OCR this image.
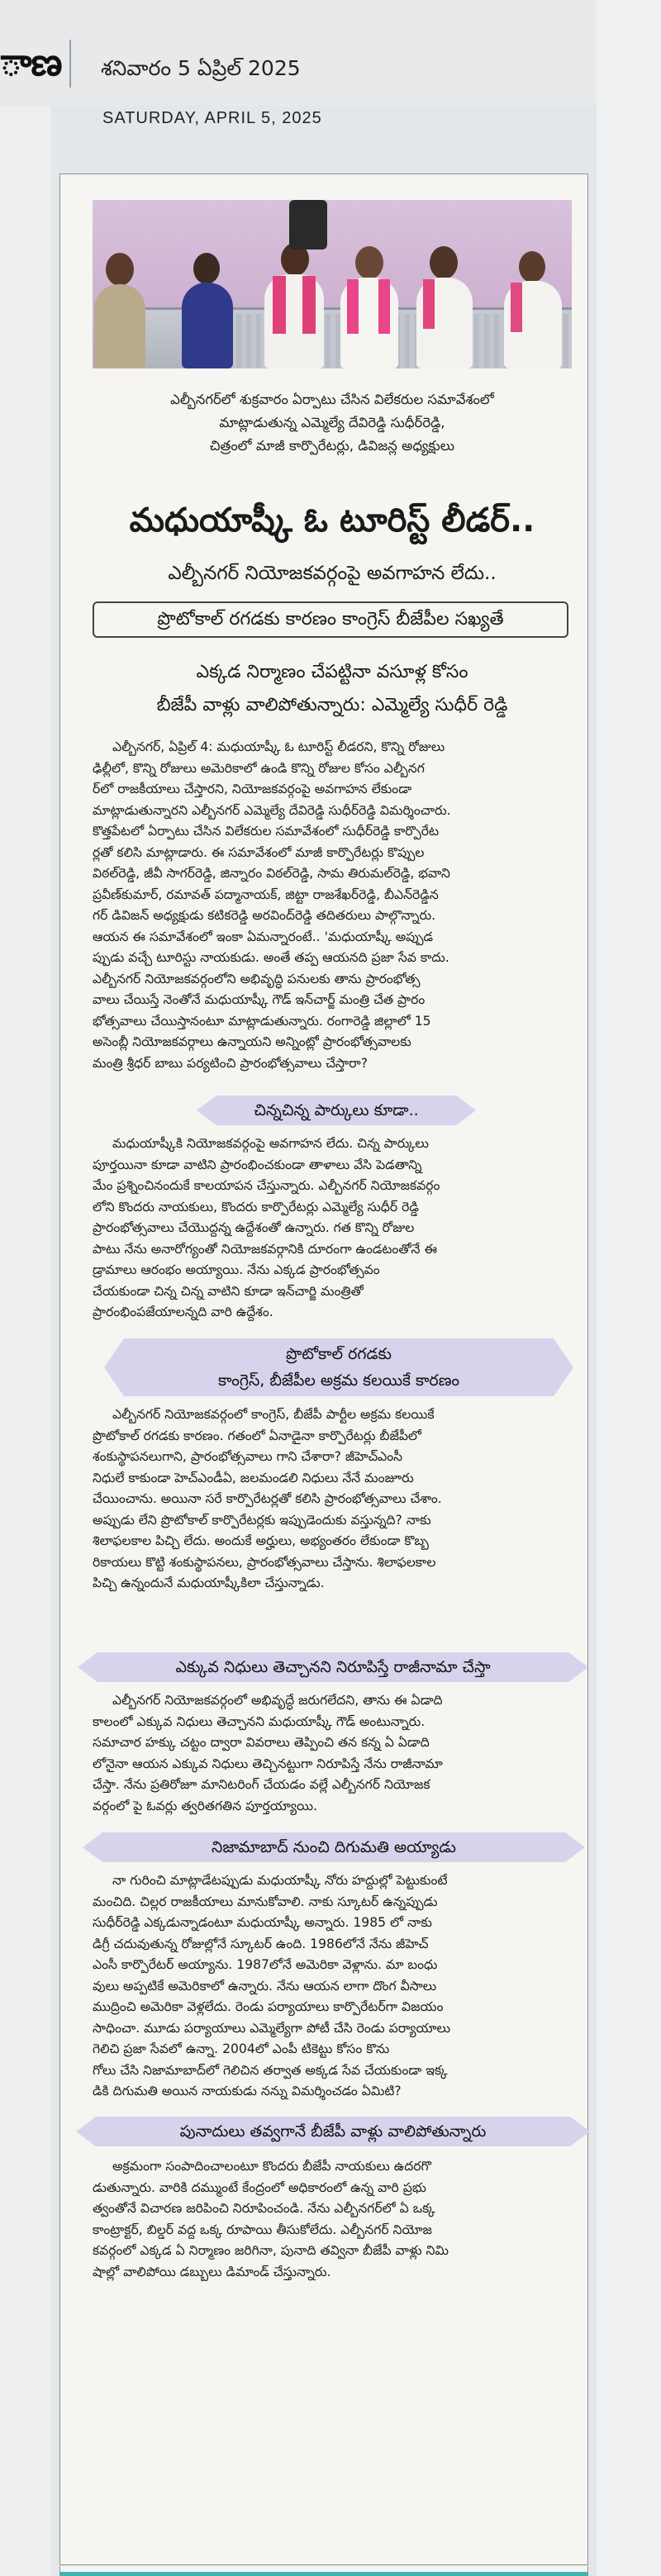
ాణ శనివారం 5 ఏప్రిల్ 2025
SATURDAY, APRIL 5, 2025
ఎల్బీనగర్‌లో శుక్రవారం ఏర్పాటు చేసిన విలేకరుల సమావేశంలో
మాట్లాడుతున్న ఎమ్మెల్యే దేవిరెడ్డి సుధీర్‌రెడ్డి,
చిత్రంలో మాజీ కార్పొరేటర్లు, డివిజన్ల అధ్యక్షులు
మధుయాష్కీ ఓ టూరిస్ట్ లీడర్..
ఎల్బీనగర్ నియోజకవర్గంపై అవగాహన లేదు..
ప్రొటోకాల్ రగడకు కారణం కాంగ్రెస్ బీజేపీల సఖ్యతే
ఎక్కడ నిర్మాణం చేపట్టినా వసూళ్ల కోసం
బీజేపీ వాళ్లు వాలిపోతున్నారు: ఎమ్మెల్యే సుధీర్ రెడ్డి
ఎల్బీనగర్, ఏప్రిల్ 4: మధుయాష్కీ ఓ టూరిస్ట్ లీడరని, కొన్ని రోజులు
ఢిల్లీలో, కొన్ని రోజులు అమెరికాలో ఉండి కొన్ని రోజుల కోసం ఎల్బీనగ
ర్‌లో రాజకీయాలు చేస్తారని, నియోజకవర్గంపై అవగాహన లేకుండా
మాట్లాడుతున్నారని ఎల్బీనగర్ ఎమ్మెల్యే దేవిరెడ్డి సుధీర్‌రెడ్డి విమర్శించారు.
కొత్తపేటలో ఏర్పాటు చేసిన విలేకరుల సమావేశంలో సుధీర్‌రెడ్డి కార్పొరేట
ర్లతో కలిసి మాట్లాడారు. ఈ సమావేశంలో మాజీ కార్పొరేటర్లు కొప్పుల
విఠల్‌రెడ్డి, జీవీ సాగర్‌రెడ్డి, జిన్నారం విఠల్‌రెడ్డి, సామ తిరుమల్‌రెడ్డి, భవాని
ప్రవీణ్‌కుమార్, రమావత్ పద్మానాయక్, జిట్టా రాజశేఖర్‌రెడ్డి, బీఎన్‌రెడ్డిన
గర్ డివిజన్ అధ్యక్షుడు కటికరెడ్డి అరవింద్‌రెడ్డి తదితరులు పాల్గొన్నారు.
ఆయన ఈ సమావేశంలో ఇంకా ఏమన్నారంటే.. 'మధుయాష్కీ అప్పుడ
ప్పుడు వచ్చే టూరిస్టు నాయకుడు. అంతే తప్ప ఆయనది ప్రజా సేవ కాదు.
ఎల్బీనగర్ నియోజకవర్గంలోని అభివృద్ధి పనులకు తాను ప్రారంభోత్స
వాలు చేయిస్తే నెంతోనే మధుయాష్కీ గౌడ్ ఇన్‌చార్జ్ మంత్రి చేత ప్రారం
భోత్సవాలు చేయిస్తానంటూ మాట్లాడుతున్నారు. రంగారెడ్డి జిల్లాలో 15
అసెంబ్లీ నియోజకవర్గాలు ఉన్నాయని అన్నింట్లో ప్రారంభోత్సవాలకు
మంత్రి శ్రీధర్ బాబు పర్యటించి ప్రారంభోత్సవాలు చేస్తారా?
చిన్నచిన్న పార్కులు కూడా..
మధుయాష్కీకి నియోజకవర్గంపై అవగాహన లేదు. చిన్న పార్కులు
పూర్తయినా కూడా వాటిని ప్రారంభించకుండా తాళాలు వేసి పెడతాన్ని
మేం ప్రశ్నించినందుకే కాలయాపన చేస్తున్నారు. ఎల్బీనగర్ నియోజకవర్గం
లోని కొందరు నాయకులు, కొందరు కార్పొరేటర్లు ఎమ్మెల్యే సుధీర్ రెడ్డి
ప్రారంభోత్సవాలు చేయొద్దన్న ఉద్దేశంతో ఉన్నారు. గత కొన్ని రోజుల
పాటు నేను అనారోగ్యంతో నియోజకవర్గానికి దూరంగా ఉండటంతోనే ఈ
డ్రామాలు ఆరంభం అయ్యాయి. నేను ఎక్కడ ప్రారంభోత్సవం
చేయకుండా చిన్న చిన్న వాటిని కూడా ఇన్‌చార్జి మంత్రితో
ప్రారంభింపజేయాలన్నది వారి ఉద్దేశం.
ప్రొటోకాల్ రగడకు
కాంగ్రెస్, బీజేపీల అక్రమ కలయికే కారణం
ఎల్బీనగర్ నియోజకవర్గంలో కాంగ్రెస్, బీజేపీ పార్టీల అక్రమ కలయికే
ప్రొటోకాల్ రగడకు కారణం. గతంలో ఏనాడైనా కార్పొరేటర్లు బీజేపీలో
శంకుస్థాపనలుగాని, ప్రారంభోత్సవాలు గాని చేశారా? జీహెచ్‌ఎంసీ
నిధులే కాకుండా హెచ్‌ఎండీఏ, జలమండలి నిధులు నేనే మంజూరు
చేయించాను. అయినా సరే కార్పొరేటర్లతో కలిసి ప్రారంభోత్సవాలు చేశాం.
అప్పుడు లేని ప్రొటోకాల్ కార్పొరేటర్లకు ఇప్పుడెందుకు వస్తున్నది? నాకు
శిలాఫలకాల పిచ్చి లేదు. అందుకే అర్హులు, అభ్యంతరం లేకుండా కొబ్బ
రికాయలు కొట్టి శంకుస్థాపనలు, ప్రారంభోత్సవాలు చేస్తాను. శిలాఫలకాల
పిచ్చి ఉన్నందునే మధుయాష్కీకిలా చేస్తున్నాడు.
ఎక్కువ నిధులు తెచ్చానని నిరూపిస్తే రాజీనామా చేస్తా
ఎల్బీనగర్ నియోజకవర్గంలో అభివృద్ధే జరుగలేదని, తాను ఈ ఏడాది
కాలంలో ఎక్కువ నిధులు తెచ్చానని మధుయాష్కీ గౌడ్ అంటున్నారు.
సమాచార హక్కు చట్టం ద్వారా వివరాలు తెప్పించి తన కన్న ఏ ఏడాది
లోనైనా ఆయన ఎక్కువ నిధులు తెచ్చినట్టుగా నిరూపిస్తే నేను రాజీనామా
చేస్తా. నేను ప్రతిరోజూ మానిటరింగ్ చేయడం వల్లే ఎల్బీనగర్ నియోజక
వర్గంలో పై ఓవర్లు త్వరితగతిన పూర్తయ్యాయి.
నిజామాబాద్ నుంచి దిగుమతి అయ్యాడు
నా గురించి మాట్లాడేటప్పుడు మధుయాష్కీ నోరు హద్దుల్లో పెట్టుకుంటే
మంచిది. చిల్లర రాజకీయాలు మానుకోవాలి. నాకు స్కూటర్ ఉన్నప్పుడు
సుధీర్‌రెడ్డి ఎక్కడున్నాడంటూ మధుయాష్కీ అన్నారు. 1985 లో నాకు
డిగ్రీ చదువుతున్న రోజుల్లోనే స్కూటర్ ఉంది. 1986లోనే నేను జీహెచ్
ఎంసీ కార్పొరేటర్ అయ్యాను. 1987లోనే అమెరికా వెళ్లాను. మా బంధు
వులు అప్పటికే అమెరికాలో ఉన్నారు. నేను ఆయన లాగా దొంగ వీసాలు
ముద్రించి అమెరికా వెళ్లలేదు. రెండు పర్యాయాలు కార్పొరేటర్‌గా విజయం
సాధించా. మూడు పర్యాయాలు ఎమ్మెల్యేగా పోటీ చేసి రెండు పర్యాయాలు
గెలిచి ప్రజా సేవలో ఉన్నా. 2004లో ఎంపీ టికెట్టు కోసం కొను
గోలు చేసి నిజామాబాద్‌లో గెలిచిన తర్వాత అక్కడ సేవ చేయకుండా ఇక్క
డికి దిగుమతి అయిన నాయకుడు నన్ను విమర్శించడం ఏమిటి?
పునాదులు తవ్వగానే బీజేపీ వాళ్లు వాలిపోతున్నారు
అక్రమంగా సంపాదించాలంటూ కొందరు బీజేపీ నాయకులు ఉదరగొ
డుతున్నారు. వారికి దమ్ముంటే కేంద్రంలో అధికారంలో ఉన్న వారి ప్రభు
త్వంతోనే విచారణ జరిపించి నిరూపించండి. నేను ఎల్బీనగర్‌లో ఏ ఒక్క
కాంట్రాక్టర్, బిల్డర్ వద్ద ఒక్క రూపాయి తీసుకోలేదు. ఎల్బీనగర్ నియోజ
కవర్గంలో ఎక్కడ ఏ నిర్మాణం జరిగినా, పునాది తవ్వినా బీజేపీ వాళ్లు నిమి
షాల్లో వాలిపోయి డబ్బులు డిమాండ్ చేస్తున్నారు.
